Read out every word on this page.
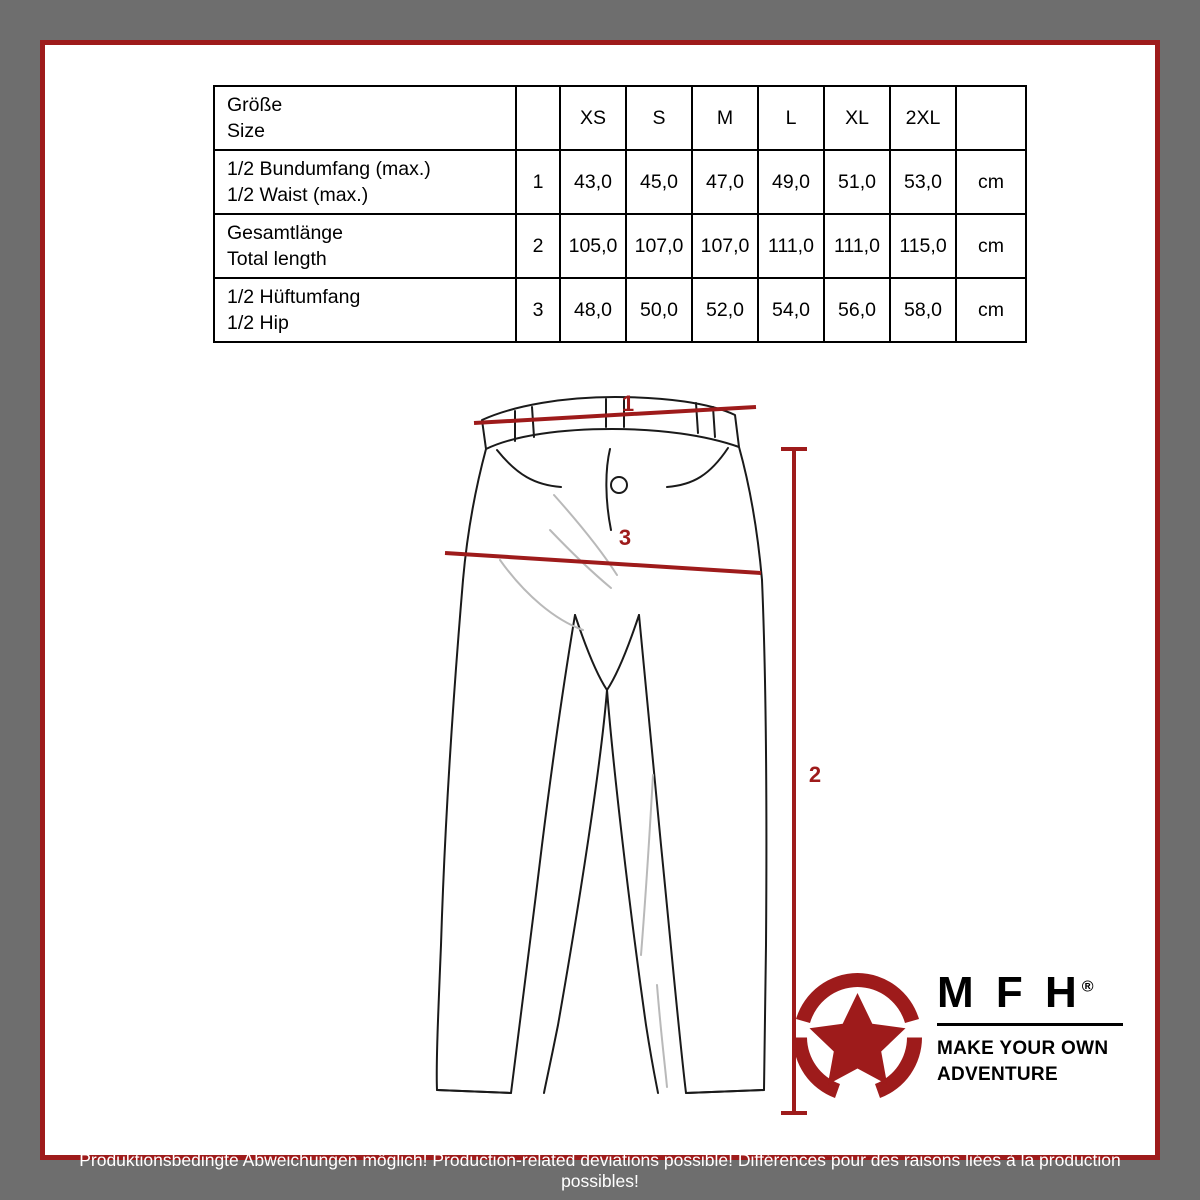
Größe
Size		XS	S	M	L	XL	2XL	

1/2 Bundumfang (max.)
1/2 Waist (max.)	1	43,0	45,0	47,0	49,0	51,0	53,0	cm

Gesamtlänge
Total length	2	105,0	107,0	107,0	111,0	111,0	115,0	cm

1/2 Hüftumfang
1/2 Hip	3	48,0	50,0	52,0	54,0	56,0	58,0	cm
1
3
2
M F H®
MAKE YOUR OWN
ADVENTURE
Produktionsbedingte Abweichungen möglich! Production-related deviations possible! Différences pour des raisons liées à la production possibles!
